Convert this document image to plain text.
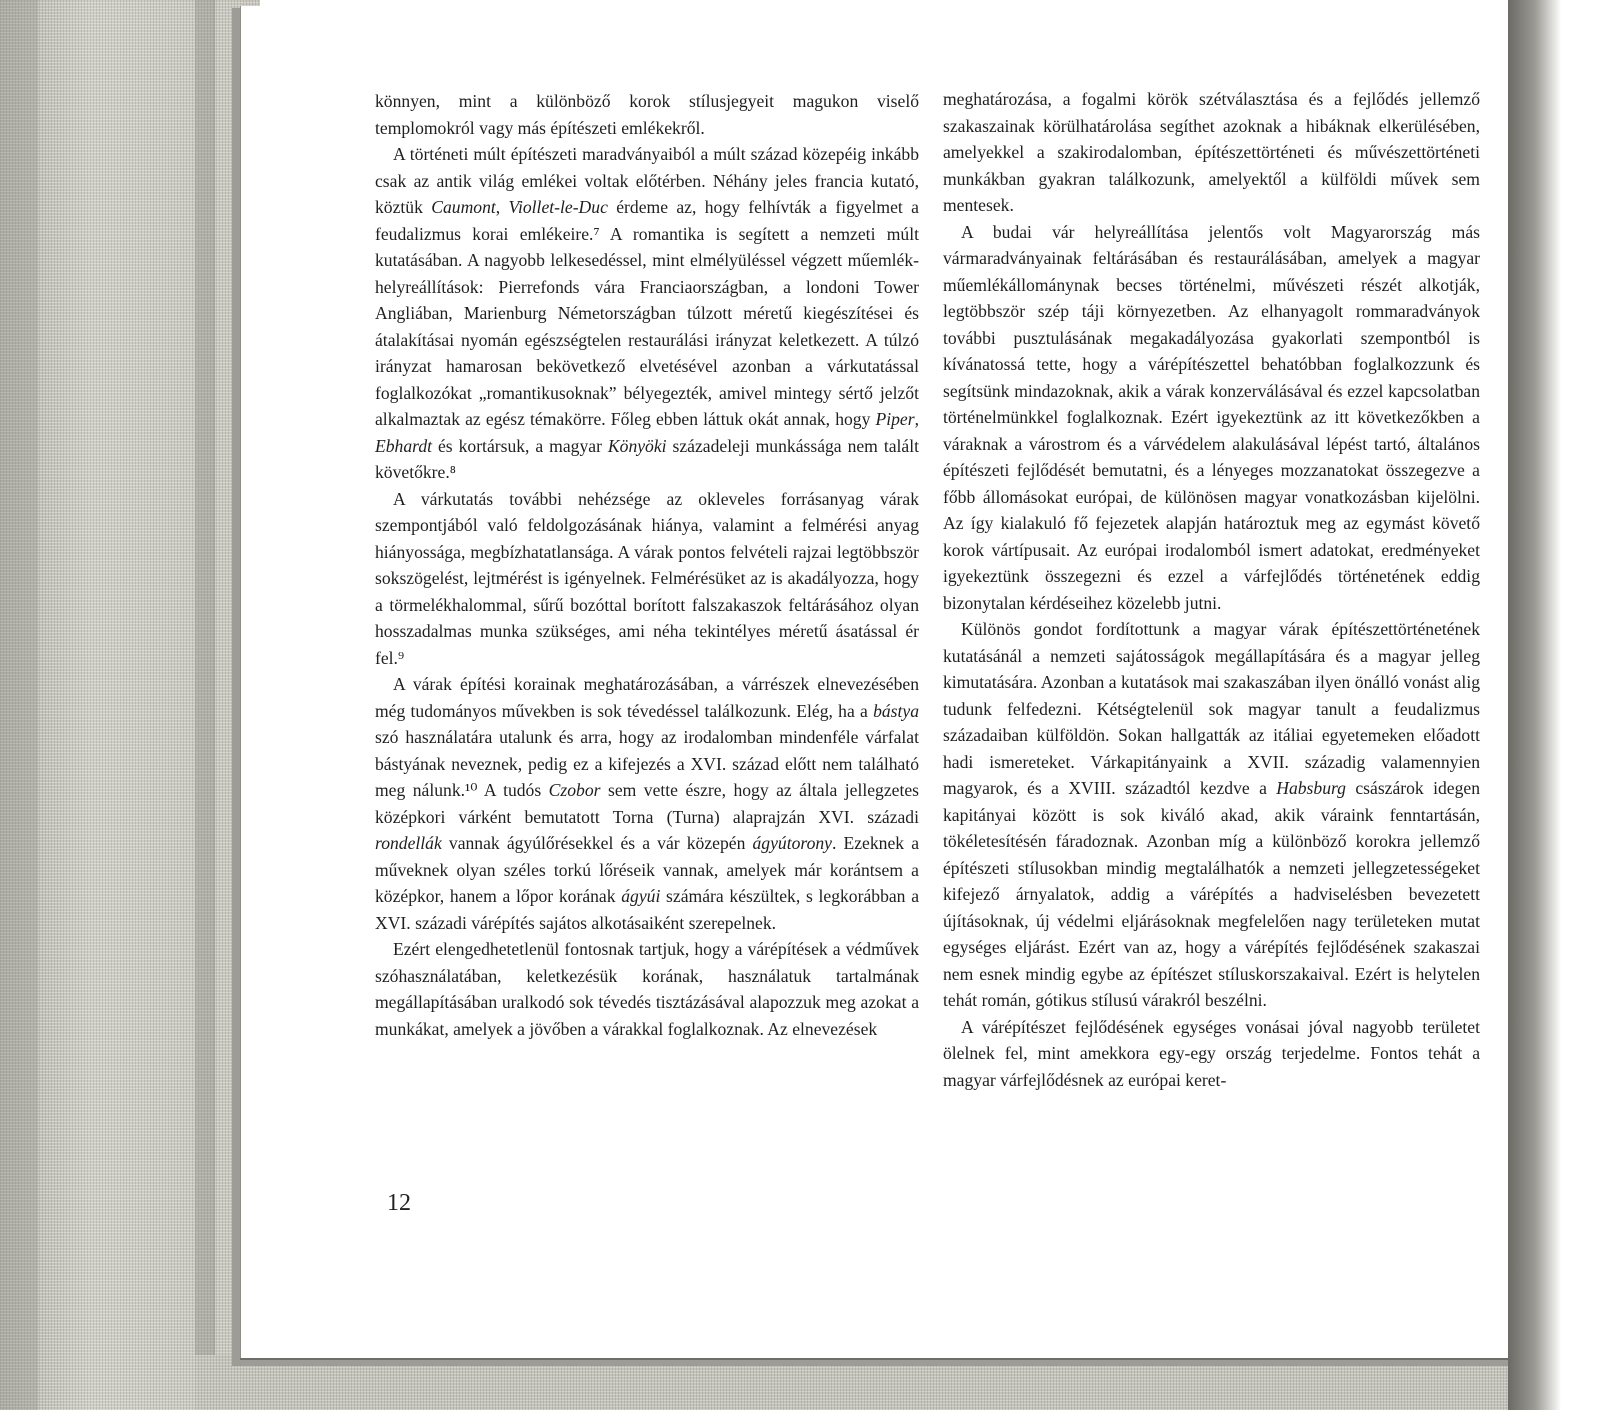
könnyen, mint a különböző korok stílusjegyeit magukon viselő templomokról vagy más építészeti emlékekről.

A történeti múlt építészeti maradványaiból a múlt század közepéig inkább csak az antik világ emlékei voltak előtérben. Néhány jeles francia kutató, köztük Caumont, Viollet-le-Duc érdeme az, hogy felhívták a figyelmet a feudalizmus korai emlékeire.⁷ A romantika is segített a nemzeti múlt kutatásában. A nagyobb lelkesedéssel, mint elmélyüléssel végzett műemlék-helyreállítások: Pierrefonds vára Franciaországban, a londoni Tower Angliában, Marienburg Németországban túlzott méretű kiegészítései és átalakításai nyomán egészségtelen restaurálási irányzat keletkezett. A túlzó irányzat hamarosan bekövetkező elvetésével azonban a várkutatással foglalkozókat „romantikusoknak” bélyegezték, amivel mintegy sértő jelzőt alkalmaztak az egész témakörre. Főleg ebben láttuk okát annak, hogy Piper, Ebhardt és kortársuk, a magyar Könyöki századeleji munkássága nem talált követőkre.⁸

A várkutatás további nehézsége az okleveles forrásanyag várak szempontjából való feldolgozásának hiánya, valamint a felmérési anyag hiányossága, megbízhatatlansága. A várak pontos felvételi rajzai legtöbbször sokszögelést, lejtmérést is igényelnek. Felmérésüket az is akadályozza, hogy a törmelékhalommal, sűrű bozóttal borított falszakaszok feltárásához olyan hosszadalmas munka szükséges, ami néha tekintélyes méretű ásatással ér fel.⁹

A várak építési korainak meghatározásában, a várrészek elnevezésében még tudományos művekben is sok tévedéssel találkozunk. Elég, ha a bástya szó használatára utalunk és arra, hogy az irodalomban mindenféle várfalat bástyának neveznek, pedig ez a kifejezés a XVI. század előtt nem található meg nálunk.¹⁰ A tudós Czobor sem vette észre, hogy az általa jellegzetes középkori várként bemutatott Torna (Turna) alaprajzán XVI. századi rondellák vannak ágyúlőrésekkel és a vár közepén ágyútorony. Ezeknek a műveknek olyan széles torkú lőréseik vannak, amelyek már korántsem a középkor, hanem a lőpor korának ágyúi számára készültek, s legkorábban a XVI. századi várépítés sajátos alkotásaiként szerepelnek.

Ezért elengedhetetlenül fontosnak tartjuk, hogy a várépítések a védművek szóhasználatában, keletkezésük korának, használatuk tartalmának megállapításában uralkodó sok tévedés tisztázásával alapozzuk meg azokat a munkákat, amelyek a jövőben a várakkal foglalkoznak. Az elnevezések

meghatározása, a fogalmi körök szétválasztása és a fejlődés jellemző szakaszainak körülhatárolása segíthet azoknak a hibáknak elkerülésében, amelyekkel a szakirodalomban, építészettörténeti és művészettörténeti munkákban gyakran találkozunk, amelyektől a külföldi művek sem mentesek.

A budai vár helyreállítása jelentős volt Magyarország más vármaradványainak feltárásában és restaurálásában, amelyek a magyar műemlékállománynak becses történelmi, művészeti részét alkotják, legtöbbször szép táji környezetben. Az elhanyagolt rommaradványok további pusztulásának megakadályozása gyakorlati szempontból is kívánatossá tette, hogy a várépítészettel behatóbban foglalkozzunk és segítsünk mindazoknak, akik a várak konzerválásával és ezzel kapcsolatban történelmünkkel foglalkoznak. Ezért igyekeztünk az itt következőkben a váraknak a várostrom és a várvédelem alakulásával lépést tartó, általános építészeti fejlődését bemutatni, és a lényeges mozzanatokat összegezve a főbb állomásokat európai, de különösen magyar vonatkozásban kijelölni. Az így kialakuló fő fejezetek alapján határoztuk meg az egymást követő korok vártípusait. Az európai irodalomból ismert adatokat, eredményeket igyekeztünk összegezni és ezzel a várfejlődés történetének eddig bizonytalan kérdéseihez közelebb jutni.

Különös gondot fordítottunk a magyar várak építészettörténetének kutatásánál a nemzeti sajátosságok megállapítására és a magyar jelleg kimutatására. Azonban a kutatások mai szakaszában ilyen önálló vonást alig tudunk felfedezni. Kétségtelenül sok magyar tanult a feudalizmus századaiban külföldön. Sokan hallgatták az itáliai egyetemeken előadott hadi ismereteket. Várkapitányaink a XVII. századig valamennyien magyarok, és a XVIII. századtól kezdve a Habsburg császárok idegen kapitányai között is sok kiváló akad, akik váraink fenntartásán, tökéletesítésén fáradoznak. Azonban míg a különböző korokra jellemző építészeti stílusokban mindig megtalálhatók a nemzeti jellegzetességeket kifejező árnyalatok, addig a várépítés a hadviselésben bevezetett újításoknak, új védelmi eljárásoknak megfelelően nagy területeken mutat egységes eljárást. Ezért van az, hogy a várépítés fejlődésének szakaszai nem esnek mindig egybe az építészet stíluskorszakaival. Ezért is helytelen tehát román, gótikus stílusú várakról beszélni.

A várépítészet fejlődésének egységes vonásai jóval nagyobb területet ölelnek fel, mint amekkora egy-egy ország terjedelme. Fontos tehát a magyar várfejlődésnek az európai keret-

12
